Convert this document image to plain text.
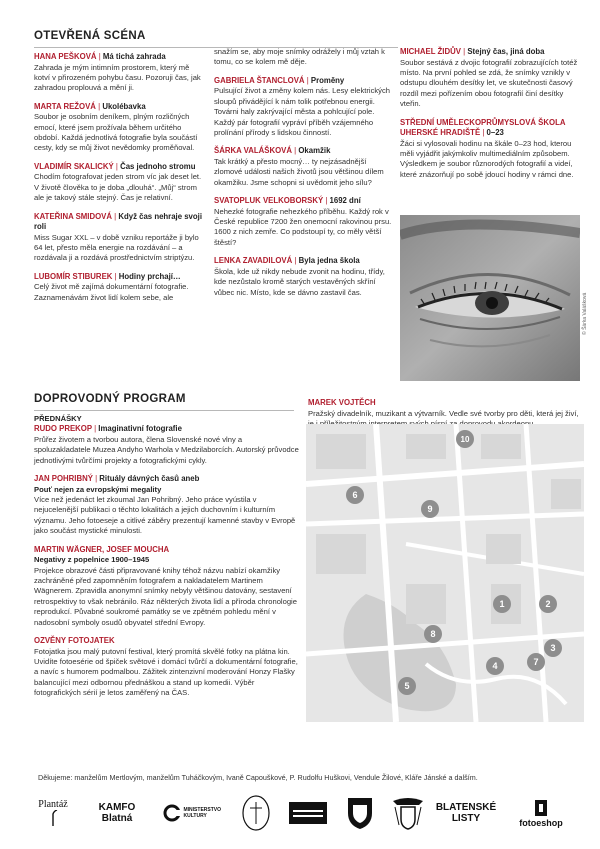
OTEVŘENÁ SCÉNA
HANA PEŠKOVÁ | Má tichá zahrada
Zahrada je mým intimním prostorem, který mě kotví v přirozeném pohybu času. Pozoruji čas, jak zahradou proplouvá a mění ji.
MARTA REŽOVÁ | Ukolébavka
Soubor je osobním deníkem, plným rozličných emocí, které jsem prožívala během určitého období. Každá jednotlivá fotografie byla součástí cesty, kdy se můj život nevědomky proměňoval.
VLADIMÍR SKALICKÝ | Čas jednoho stromu
Chodím fotografovat jeden strom víc jak deset let. V životě člověka to je doba „dlouhá“. „Můj“ strom ale je takový stále stejný. Čas je relativní.
KATEŘINA SMIDOVÁ | Když čas nehraje svoji roli
Miss Sugar XXL – v době vzniku reportáže ji bylo 64 let, přesto měla energie na rozdávání – a rozdávala ji a rozdává prostřednictvím striptýzu.
LUBOMÍR STIBUREK | Hodiny prchají…
Celý život mě zajímá dokumentární fotografie. Zaznamenávám život lidí kolem sebe, ale
snažím se, aby moje snímky odrážely i můj vztah k tomu, co se kolem mě děje.
GABRIELA ŠTANCLOVÁ | Proměny
Pulsující život a změny kolem nás. Lesy elektrických sloupů přivádějící k nám tolik potřebnou energii. Továrni haly zakrývající města a pohlcující pole. Každý pár fotografií vypráví příběh vzájemného prolínání přírody s lidskou činností.
ŠÁRKA VALÁŠKOVÁ | Okamžik
Tak krátký a přesto mocný… ty nejzásadnější zlomové události našich životů jsou většinou dílem okamžiku. Jsme schopni si uvědomit jeho sílu?
SVATOPLUK VELKOBORSKÝ | 1692 dní
Nehezké fotografie nehezkého příběhu. Každý rok v České republice 7200 žen onemocní rakovinou prsu. 1600 z nich zemře. Co podstoupí ty, co měly větší štěstí?
LENKA ZAVADILOVÁ | Byla jedna škola
Škola, kde už nikdy nebude zvonit na hodinu, třídy, kde nezůstalo kromě starých vestavěných skříní vůbec nic. Místo, kde se dávno zastavil čas.
MICHAEL ŽIDŮV | Stejný čas, jiná doba
Soubor sestává z dvojic fotografií zobrazujících totéž místo. Na první pohled se zdá, že snímky vznikly v odstupu dlouhém desítky let, ve skutečnosti časový rozdíl mezi pořízením obou fotografií činí desítky vteřin.
STŘEDNÍ UMĚLECKOPRŮMYSLOVÁ ŠKOLA UHERSKÉ HRADIŠTĚ | 0–23
Žáci si vylosovali hodinu na škále 0–23 hod, kterou měli vyjádřit jakýmkoliv multimediálním způsobem. Výsledkem je soubor různorodých fotografií a videí, které znázorňují po sobě jdoucí hodiny v rámci dne.
© Šárka Valášková
DOPROVODNÝ PROGRAM
PŘEDNÁŠKY
RUDO PREKOP | Imaginativní fotografie
Průřez životem a tvorbou autora, člena Slovenské nové vlny a spoluzakladatele Muzea Andyho Warhola v Medzilaborcích. Autorský průvodce jednotlivými tvůrčími projekty a fotografickými cykly.
JAN POHRIBNÝ | Rituály dávných časů aneb
Pouť nejen za evropskými megality
Více než jedenáct let zkoumal Jan Pohribný. Jeho práce vyústila v nejucelenější publikaci o těchto lokalitách a jejich duchovním i kulturním významu. Jeho fotoeseje a citlivé záběry prezentují kamenné stavby v Evropě jako součást mystické minulosti.
MARTIN WÄGNER, JOSEF MOUCHA
Negativy z popelnice 1900–1945
Projekce obrazové části připravované knihy téhož názvu nabízí okamžiky zachráněné před zapomněním fotografem a nakladatelem Martinem Wägnerem. Zpravidla anonymní snímky nebyly většinou datovány, sestavení retrospektivy to však nebránilo. Ráz některých života lidí a příroda chronologie reprodukcí. Půvabné soukromé památky se ve zpětném pohledu mění v nadosobní symboly osudů obyvatel střední Evropy.
OZVĚNY FOTOJATEK
Fotojatka jsou malý putovní festival, který promítá skvělé fotky na plátna kin. Uvidíte fotoesérie od špiček světové i domácí tvůrčí a dokumentární fotografie, a navíc s humorem podmalbou. Zážitek zintenzivní moderování Honzy Flašky balancující mezi odbornou přednáškou a stand up komedii. Výběr fotografických sérií je letos zaměřený na ČAS.
MAREK VOJTĚCH
Pražský divadelník, muzikant a výtvarník. Vedle své tvorby pro děti, která jej živí,
1	2
3
4
5
6
7
8
9
10
Děkujeme: manželům Mertlovým, manželům Tuháčkovým, Ivaně Capouškové, P. Rudolfu Huškovi, Vendule Žilové, Kláře Jánské a dalším.
Plantáž	KAMFO Blatná
MINISTERSTVO KULTURY
BLATENSKÉ LISTY	fotoeshop
